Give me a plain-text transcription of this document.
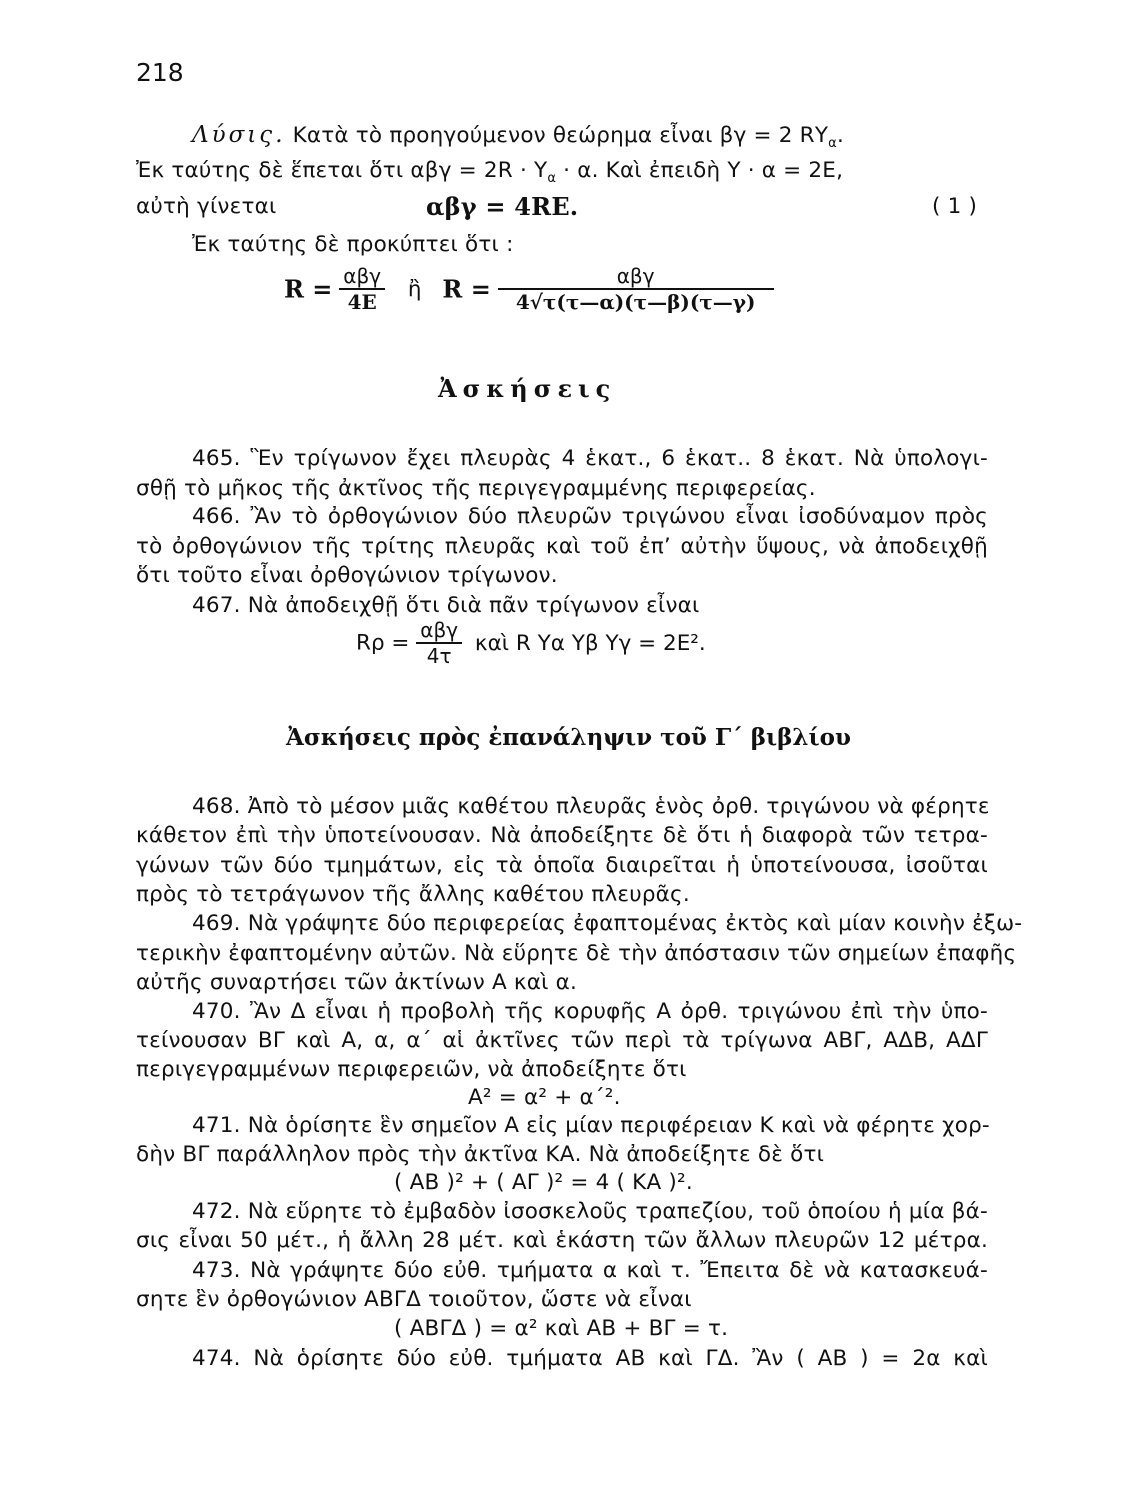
218
Λύσις. Κατὰ τὸ προηγούμενον θεώρημα εἶναι βγ = 2 $R\Upsilon_\alpha$.
Ἐκ ταύτης δὲ ἕπεται ὅτι $\alpha\beta\gamma = 2R \cdot \Upsilon_\alpha \cdot \alpha$. Καὶ ἐπειδὴ Υ · α = 2Ε,
αὐτὴ γίνεται	αβγ = 4RE.	( 1 )
Ἐκ ταύτης δὲ προκύπτει ὅτι :
$R = \frac{\text{αβγ}}{4E}$ ἢ $R = \frac{\text{αβγ}}{4√\tau(\tau—\alpha)(\tau—\beta)(\tau—\gamma)}$
Ἀσκήσεις
465. Ἓν τρίγωνον ἔχει πλευρὰς 4 ἑκατ., 6 ἑκατ.. 8 ἑκατ. Νὰ ὑπολογι-
σθῇ τὸ μῆκος τῆς ἀκτῖνος τῆς περιγεγραμμένης περιφερείας.
466. Ἂν τὸ ὀρθογώνιον δύο πλευρῶν τριγώνου εἶναι ἰσοδύναμον πρὸς
τὸ ὀρθογώνιον τῆς τρίτης πλευρᾶς καὶ τοῦ ἐπ’ αὐτὴν ὕψους, νὰ ἀποδειχθῇ
ὅτι τοῦτο εἶναι ὀρθογώνιον τρίγωνον.
467. Νὰ ἀποδειχθῇ ὅτι διὰ πᾶν τρίγωνον εἶναι
$R\rho = \frac{\text{αβγ}}{4\tau}$ καὶ R Υα Υβ Υγ = 2Ε².
Ἀσκήσεις πρὸς ἐπανάληψιν τοῦ Γ΄ βιβλίου
468. Ἀπὸ τὸ μέσον μιᾶς καθέτου πλευρᾶς ἑνὸς ὀρθ. τριγώνου νὰ φέρητε
κάθετον ἐπὶ τὴν ὑποτείνουσαν. Νὰ ἀποδείξητε δὲ ὅτι ἡ διαφορὰ τῶν τετρα-
γώνων τῶν δύο τμημάτων, εἰς τὰ ὁποῖα διαιρεῖται ἡ ὑποτείνουσα, ἰσοῦται
πρὸς τὸ τετράγωνον τῆς ἄλλης καθέτου πλευρᾶς.
469. Νὰ γράψητε δύο περιφερείας ἐφαπτομένας ἐκτὸς καὶ μίαν κοινὴν ἐξω-
τερικὴν ἐφαπτομένην αὐτῶν. Νὰ εὕρητε δὲ τὴν ἀπόστασιν τῶν σημείων ἐπαφῆς
αὐτῆς συναρτήσει τῶν ἀκτίνων Α καὶ α.
470. Ἂν Δ εἶναι ἡ προβολὴ τῆς κορυφῆς Α ὀρθ. τριγώνου ἐπὶ τὴν ὑπο-
τείνουσαν ΒΓ καὶ Α, α, α΄ αἱ ἀκτῖνες τῶν περὶ τὰ τρίγωνα ΑΒΓ, ΑΔΒ, ΑΔΓ
περιγεγραμμένων περιφερειῶν, νὰ ἀποδείξητε ὅτι
Α² = α² + α΄².
471. Νὰ ὁρίσητε ἓν σημεῖον Α εἰς μίαν περιφέρειαν Κ καὶ νὰ φέρητε χορ-
δὴν ΒΓ παράλληλον πρὸς τὴν ἀκτῖνα ΚΑ. Νὰ ἀποδείξητε δὲ ὅτι
( ΑΒ )² + ( ΑΓ )² = 4 ( ΚΑ )².
472. Νὰ εὕρητε τὸ ἐμβαδὸν ἰσοσκελοῦς τραπεζίου, τοῦ ὁποίου ἡ μία βά-
σις εἶναι 50 μέτ., ἡ ἄλλη 28 μέτ. καὶ ἑκάστη τῶν ἄλλων πλευρῶν 12 μέτρα.
473. Νὰ γράψητε δύο εὐθ. τμήματα α καὶ τ. Ἔπειτα δὲ νὰ κατασκευά-
σητε ἓν ὀρθογώνιον ΑΒΓΔ τοιοῦτον, ὥστε νὰ εἶναι
( ΑΒΓΔ ) = α² καὶ ΑΒ + ΒΓ = τ.
474. Νὰ ὁρίσητε δύο εὐθ. τμήματα ΑΒ καὶ ΓΔ. Ἂν ( ΑΒ ) = 2α καὶ
